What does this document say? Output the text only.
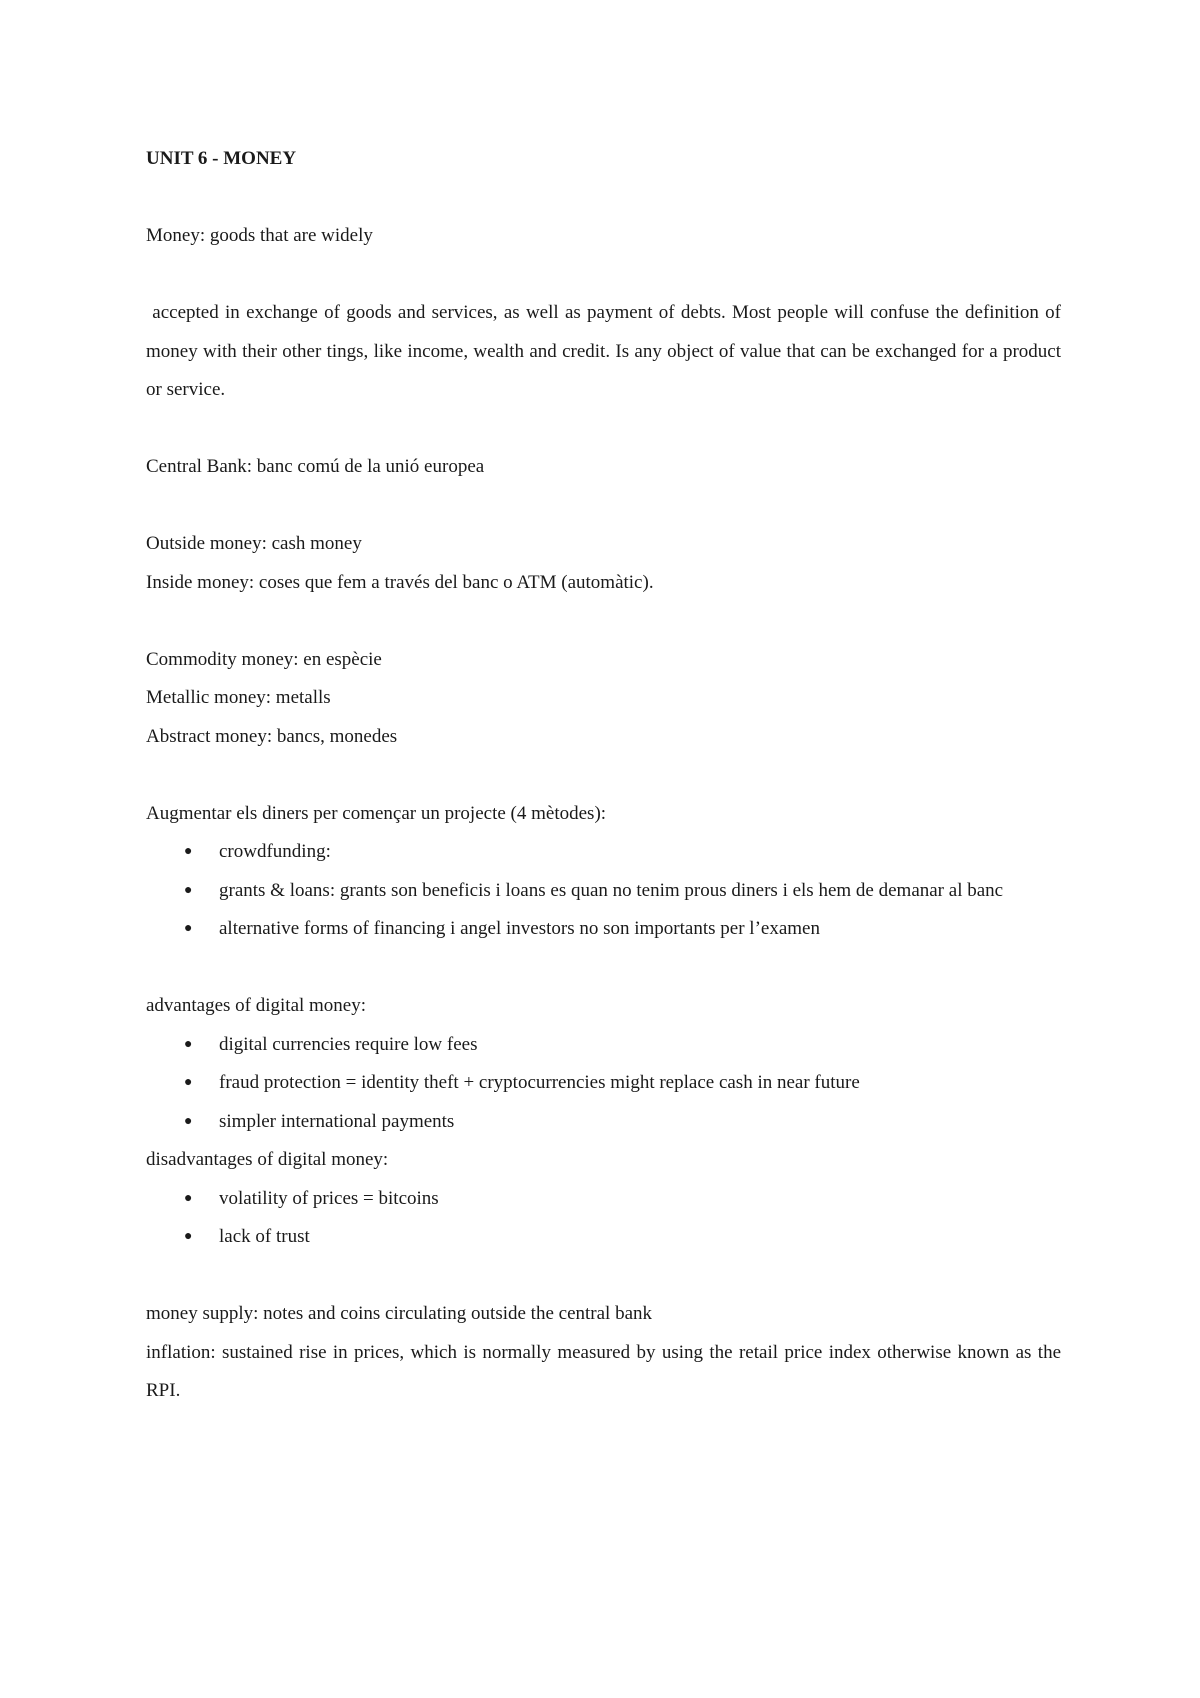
UNIT 6 - MONEY

Money: goods that are widely

accepted in exchange of goods and services, as well as payment of debts. Most people will confuse the definition of money with their other tings, like income, wealth and credit. Is any object of value that can be exchanged for a product or service.

Central Bank: banc comú de la unió europea

Outside money: cash money

Inside money: coses que fem a través del banc o ATM (automàtic).

Commodity money: en espècie

Metallic money: metalls

Abstract money: bancs, monedes

Augmentar els diners per començar un projecte (4 mètodes):

● crowdfunding:
● grants & loans: grants son beneficis i loans es quan no tenim prous diners i els hem de demanar al banc
● alternative forms of financing i angel investors no son importants per l’examen

advantages of digital money:

● digital currencies require low fees
● fraud protection = identity theft + cryptocurrencies might replace cash in near future
● simpler international payments

disadvantages of digital money:

● volatility of prices = bitcoins
● lack of trust

money supply: notes and coins circulating outside the central bank

inflation: sustained rise in prices, which is normally measured by using the retail price index otherwise known as the RPI.
